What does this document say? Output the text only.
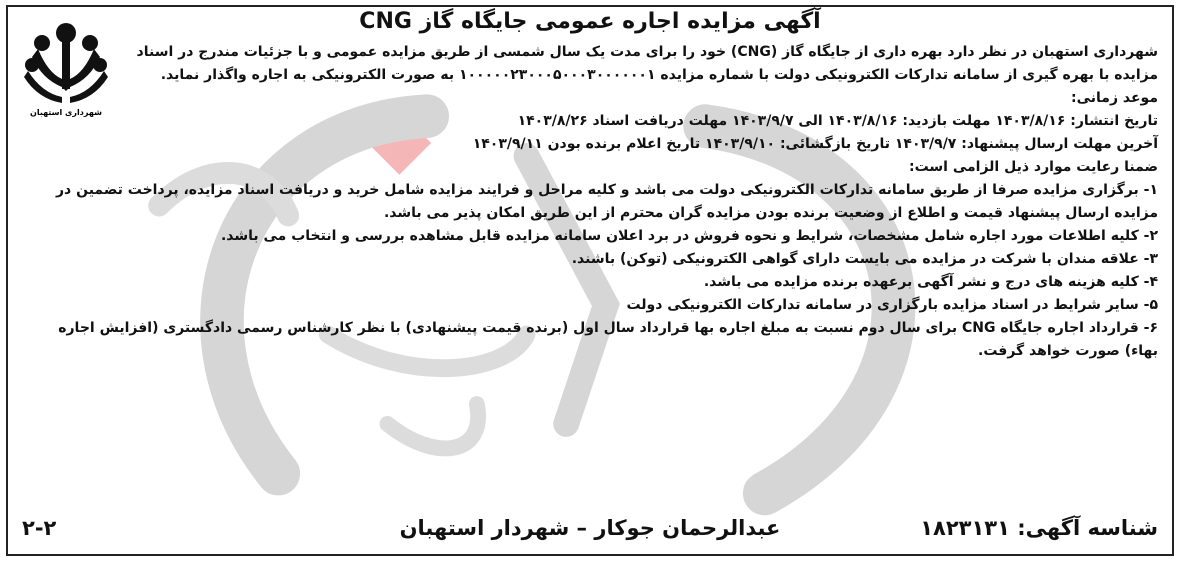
شهرداری استهبان
آگهی مزایده اجاره عمومی جایگاه گاز CNG

شهرداری استهبان در نظر دارد بهره داری از جایگاه گاز (CNG) خود را برای مدت یک سال شمسی از طریق مزایده عمومی و با جزئیات مندرج در اسناد مزایده با بهره گیری از سامانه تدارکات الکترونیکی دولت با شماره مزایده ۱۰۰۰۰۰۲۳۰۰۰۵۰۰۰۳۰۰۰۰۰۰۱ به صورت الکترونیکی به اجاره واگذار نماید.

موعد زمانی:

تاریخ انتشار: ۱۴۰۳/۸/۱۶ مهلت بازدید: ۱۴۰۳/۸/۱۶ الی ۱۴۰۳/۹/۷ مهلت دریافت اسناد ۱۴۰۳/۸/۲۶

آخرین مهلت ارسال پیشنهاد: ۱۴۰۳/۹/۷ تاریخ بازگشائی: ۱۴۰۳/۹/۱۰ تاریخ اعلام برنده بودن ۱۴۰۳/۹/۱۱

ضمنا رعایت موارد ذیل الزامی است:

۱- برگزاری مزایده صرفا از طریق سامانه تدارکات الکترونیکی دولت می باشد و کلیه مراحل و فرایند مزایده شامل خرید و دریافت اسناد مزایده، پرداخت تضمین در مزایده ارسال پیشنهاد قیمت و اطلاع از وضعیت برنده بودن مزایده گران محترم از این طریق امکان پذیر می باشد.

۲- کلیه اطلاعات مورد اجاره شامل مشخصات، شرایط و نحوه فروش در برد اعلان سامانه مزایده قابل مشاهده بررسی و انتخاب می باشد.

۳- علاقه مندان با شرکت در مزایده می بایست دارای گواهی الکترونیکی (توکن) باشند.

۴- کلیه هزینه های درج و نشر آگهی برعهده برنده مزایده می باشد.

۵- سایر شرایط در اسناد مزایده بارگزاری در سامانه تدارکات الکترونیکی دولت

۶- قرارداد اجاره جایگاه CNG برای سال دوم نسبت به مبلغ اجاره بها قرارداد سال اول (برنده قیمت پیشنهادی) با نظر کارشناس رسمی دادگستری (افزایش اجاره بهاء) صورت خواهد گرفت.

شناسه آگهی: ۱۸۲۳۱۳۱
عبدالرحمان جوکار – شهردار استهبان
۲-۲
